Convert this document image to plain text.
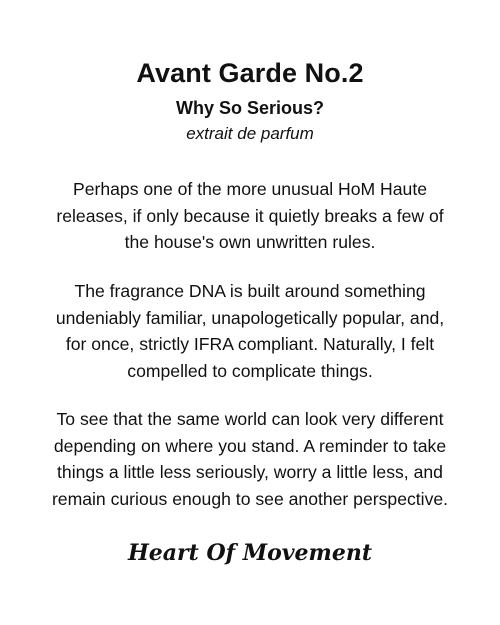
Avant Garde No.2
Why So Serious?
extrait de parfum

Perhaps one of the more unusual HoM Haute
releases, if only because it quietly breaks a few of
the house's own unwritten rules.

The fragrance DNA is built around something
undeniably familiar, unapologetically popular, and,
for once, strictly IFRA compliant. Naturally, I felt
compelled to complicate things.

To see that the same world can look very different
depending on where you stand. A reminder to take
things a little less seriously, worry a little less, and
remain curious enough to see another perspective.

Heart Of Movement
